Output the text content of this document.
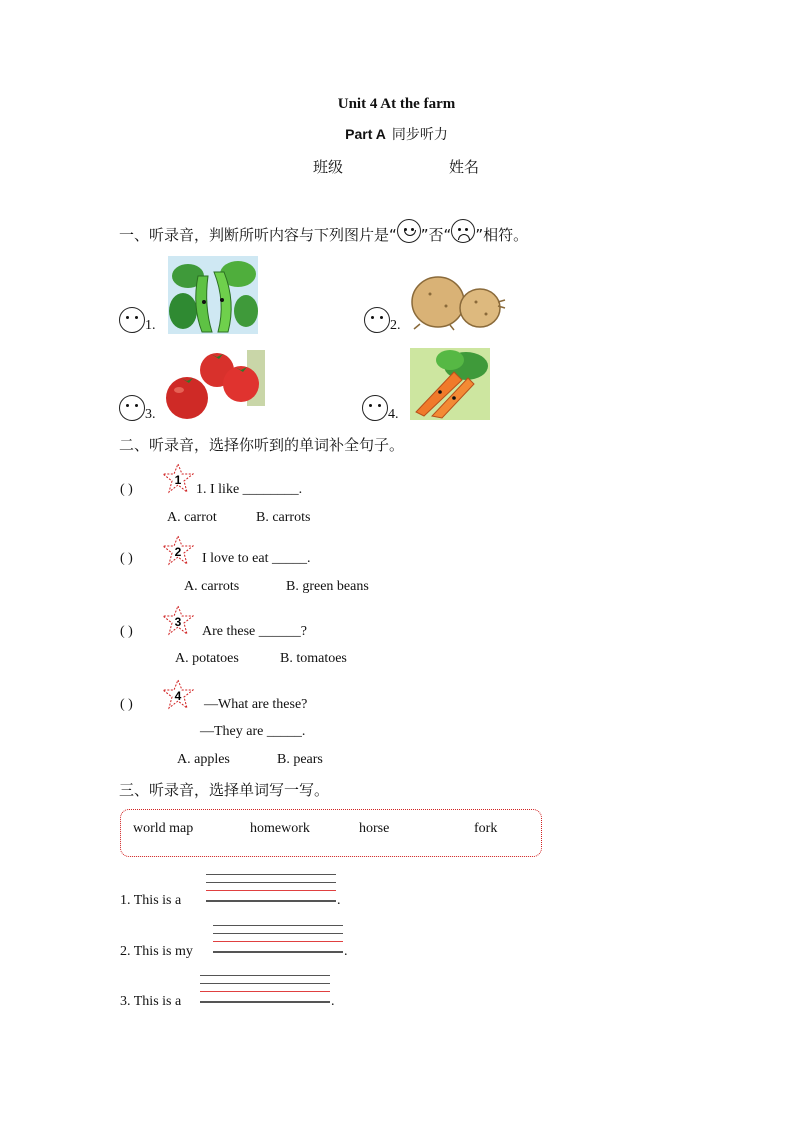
Unit 4 At the farm
Part A 同步听力
班级	姓名
一、听录音，判断所听内容与下列图片是“ ”否“ ”相符。
1.	2.
3.	4.
二、听录音，选择你听到的单词补全句子。
( )
1
1. I like ________.
A. carrot	B. carrots
( )	2 I love to eat _____.
A. carrots	B. green beans
( )
3
Are these ______?
A. potatoes	B. tomatoes
( )
4
—What are these?
—They are _____.
A. apples	B. pears
三、听录音，选择单词写一写。
world map	homework	horse	fork
1. This is a	.
2. This is my	.
3. This is a	.
